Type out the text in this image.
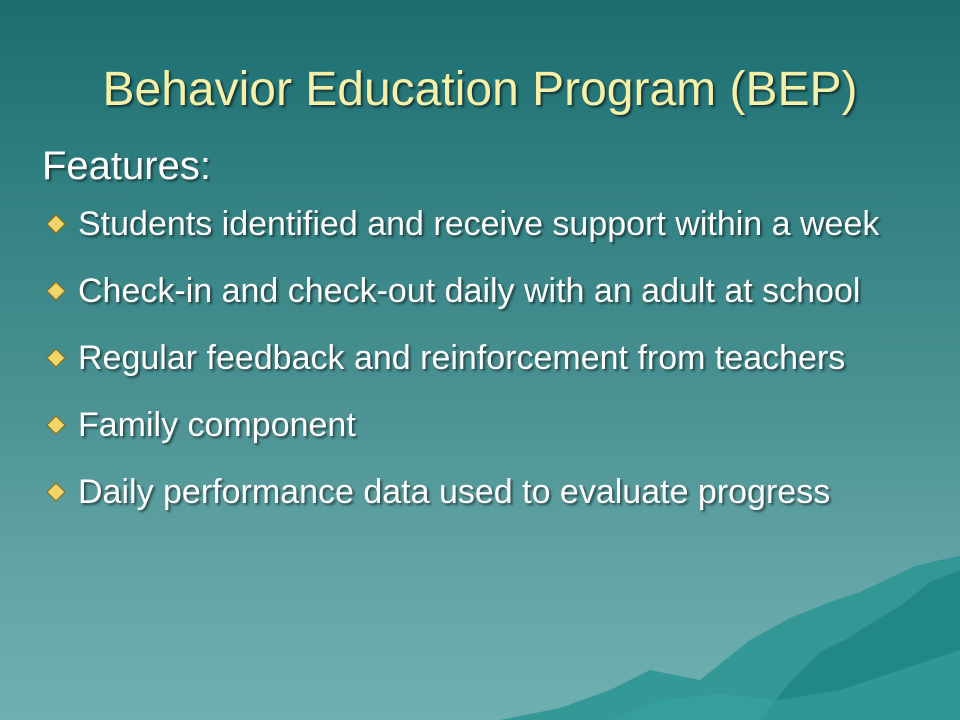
Behavior Education Program (BEP)
Features:
Students identified and receive support within a week
Check-in and check-out daily with an adult at school
Regular feedback and reinforcement from teachers
Family component
Daily performance data used to evaluate progress
